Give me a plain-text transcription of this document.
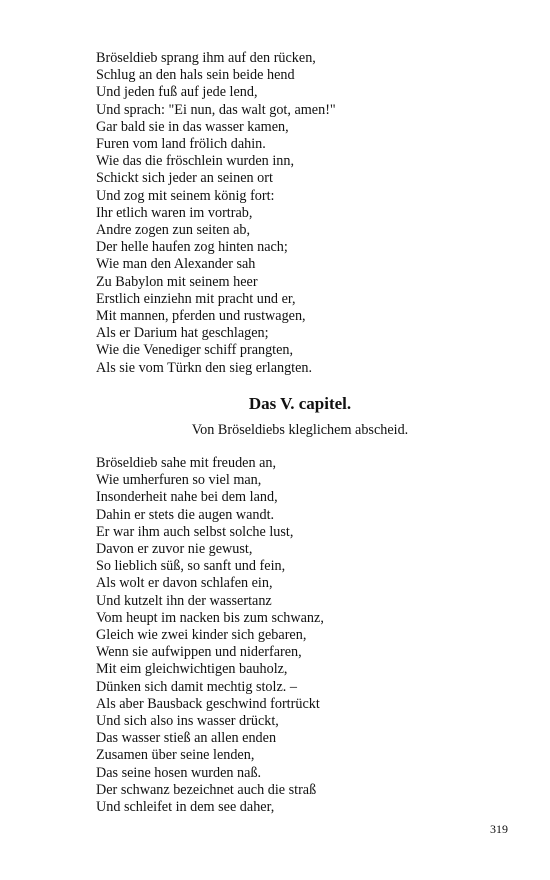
Bröseldieb sprang ihm auf den rücken,
Schlug an den hals sein beide hend
Und jeden fuß auf jede lend,
Und sprach: "Ei nun, das walt got, amen!"
Gar bald sie in das wasser kamen,
Furen vom land frölich dahin.
Wie das die fröschlein wurden inn,
Schickt sich jeder an seinen ort
Und zog mit seinem könig fort:
Ihr etlich waren im vortrab,
Andre zogen zun seiten ab,
Der helle haufen zog hinten nach;
Wie man den Alexander sah
Zu Babylon mit seinem heer
Erstlich einziehn mit pracht und er,
Mit mannen, pferden und rustwagen,
Als er Darium hat geschlagen;
Wie die Venediger schiff prangten,
Als sie vom Türkn den sieg erlangten.
Das V. capitel.

Von Bröseldiebs kleglichem abscheid.

Bröseldieb sahe mit freuden an,
Wie umherfuren so viel man,
Insonderheit nahe bei dem land,
Dahin er stets die augen wandt.
Er war ihm auch selbst solche lust,
Davon er zuvor nie gewust,
So lieblich süß, so sanft und fein,
Als wolt er davon schlafen ein,
Und kutzelt ihn der wassertanz
Vom heupt im nacken bis zum schwanz,
Gleich wie zwei kinder sich gebaren,
Wenn sie aufwippen und niderfaren,
Mit eim gleichwichtigen bauholz,
Dünken sich damit mechtig stolz. –
Als aber Bausback geschwind fortrückt
Und sich also ins wasser drückt,
Das wasser stieß an allen enden
Zusamen über seine lenden,
Das seine hosen wurden naß.
Der schwanz bezeichnet auch die straß
Und schleifet in dem see daher,
319
